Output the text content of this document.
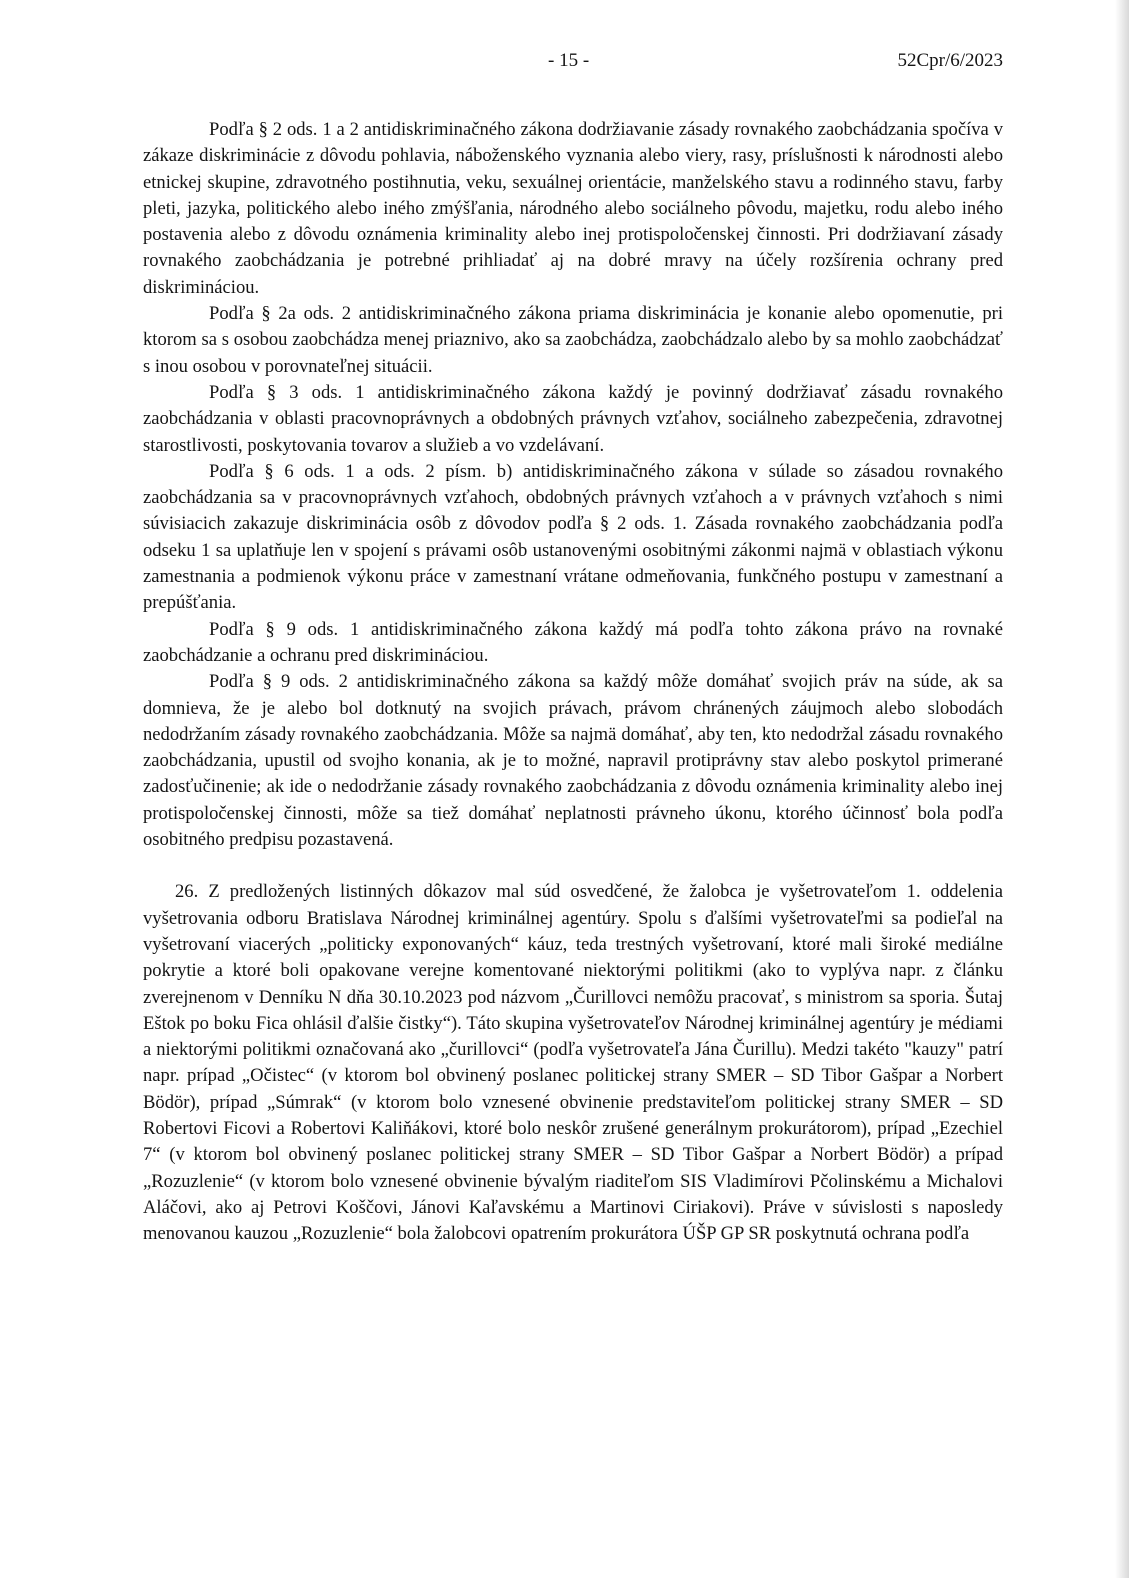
- 15 -	52Cpr/6/2023

Podľa § 2 ods. 1 a 2 antidiskriminačného zákona dodržiavanie zásady rovnakého zaobchádzania spočíva v zákaze diskriminácie z dôvodu pohlavia, náboženského vyznania alebo viery, rasy, príslušnosti k národnosti alebo etnickej skupine, zdravotného postihnutia, veku, sexuálnej orientácie, manželského stavu a rodinného stavu, farby pleti, jazyka, politického alebo iného zmýšľania, národného alebo sociálneho pôvodu, majetku, rodu alebo iného postavenia alebo z dôvodu oznámenia kriminality alebo inej protispoločenskej činnosti. Pri dodržiavaní zásady rovnakého zaobchádzania je potrebné prihliadať aj na dobré mravy na účely rozšírenia ochrany pred diskrimináciou.

Podľa § 2a ods. 2 antidiskriminačného zákona priama diskriminácia je konanie alebo opomenutie, pri ktorom sa s osobou zaobchádza menej priaznivo, ako sa zaobchádza, zaobchádzalo alebo by sa mohlo zaobchádzať s inou osobou v porovnateľnej situácii.

Podľa § 3 ods. 1 antidiskriminačného zákona každý je povinný dodržiavať zásadu rovnakého zaobchádzania v oblasti pracovnoprávnych a obdobných právnych vzťahov, sociálneho zabezpečenia, zdravotnej starostlivosti, poskytovania tovarov a služieb a vo vzdelávaní.

Podľa § 6 ods. 1 a ods. 2 písm. b) antidiskriminačného zákona v súlade so zásadou rovnakého zaobchádzania sa v pracovnoprávnych vzťahoch, obdobných právnych vzťahoch a v právnych vzťahoch s nimi súvisiacich zakazuje diskriminácia osôb z dôvodov podľa § 2 ods. 1. Zásada rovnakého zaobchádzania podľa odseku 1 sa uplatňuje len v spojení s právami osôb ustanovenými osobitnými zákonmi najmä v oblastiach výkonu zamestnania a podmienok výkonu práce v zamestnaní vrátane odmeňovania, funkčného postupu v zamestnaní a prepúšťania.

Podľa § 9 ods. 1 antidiskriminačného zákona každý má podľa tohto zákona právo na rovnaké zaobchádzanie a ochranu pred diskrimináciou.

Podľa § 9 ods. 2 antidiskriminačného zákona sa každý môže domáhať svojich práv na súde, ak sa domnieva, že je alebo bol dotknutý na svojich právach, právom chránených záujmoch alebo slobodách nedodržaním zásady rovnakého zaobchádzania. Môže sa najmä domáhať, aby ten, kto nedodržal zásadu rovnakého zaobchádzania, upustil od svojho konania, ak je to možné, napravil protiprávny stav alebo poskytol primerané zadosťučinenie; ak ide o nedodržanie zásady rovnakého zaobchádzania z dôvodu oznámenia kriminality alebo inej protispoločenskej činnosti, môže sa tiež domáhať neplatnosti právneho úkonu, ktorého účinnosť bola podľa osobitného predpisu pozastavená.

26. Z predložených listinných dôkazov mal súd osvedčené, že žalobca je vyšetrovateľom 1. oddelenia vyšetrovania odboru Bratislava Národnej kriminálnej agentúry. Spolu s ďalšími vyšetrovateľmi sa podieľal na vyšetrovaní viacerých „politicky exponovaných“ káuz, teda trestných vyšetrovaní, ktoré mali široké mediálne pokrytie a ktoré boli opakovane verejne komentované niektorými politikmi (ako to vyplýva napr. z článku zverejnenom v Denníku N dňa 30.10.2023 pod názvom „Čurillovci nemôžu pracovať, s ministrom sa sporia. Šutaj Eštok po boku Fica ohlásil ďalšie čistky“). Táto skupina vyšetrovateľov Národnej kriminálnej agentúry je médiami a niektorými politikmi označovaná ako „čurillovci“ (podľa vyšetrovateľa Jána Čurillu). Medzi takéto "kauzy" patrí napr. prípad „Očistec“ (v ktorom bol obvinený poslanec politickej strany SMER – SD Tibor Gašpar a Norbert Bödör), prípad „Súmrak“ (v ktorom bolo vznesené obvinenie predstaviteľom politickej strany SMER – SD Robertovi Ficovi a Robertovi Kaliňákovi, ktoré bolo neskôr zrušené generálnym prokurátorom), prípad „Ezechiel 7“ (v ktorom bol obvinený poslanec politickej strany SMER – SD Tibor Gašpar a Norbert Bödör) a prípad „Rozuzlenie“ (v ktorom bolo vznesené obvinenie bývalým riaditeľom SIS Vladimírovi Pčolinskému a Michalovi Aláčovi, ako aj Petrovi Koščovi, Jánovi Kaľavskému a Martinovi Ciriakovi). Práve v súvislosti s naposledy menovanou kauzou „Rozuzlenie“ bola žalobcovi opatrením prokurátora ÚŠP GP SR poskytnutá ochrana podľa
